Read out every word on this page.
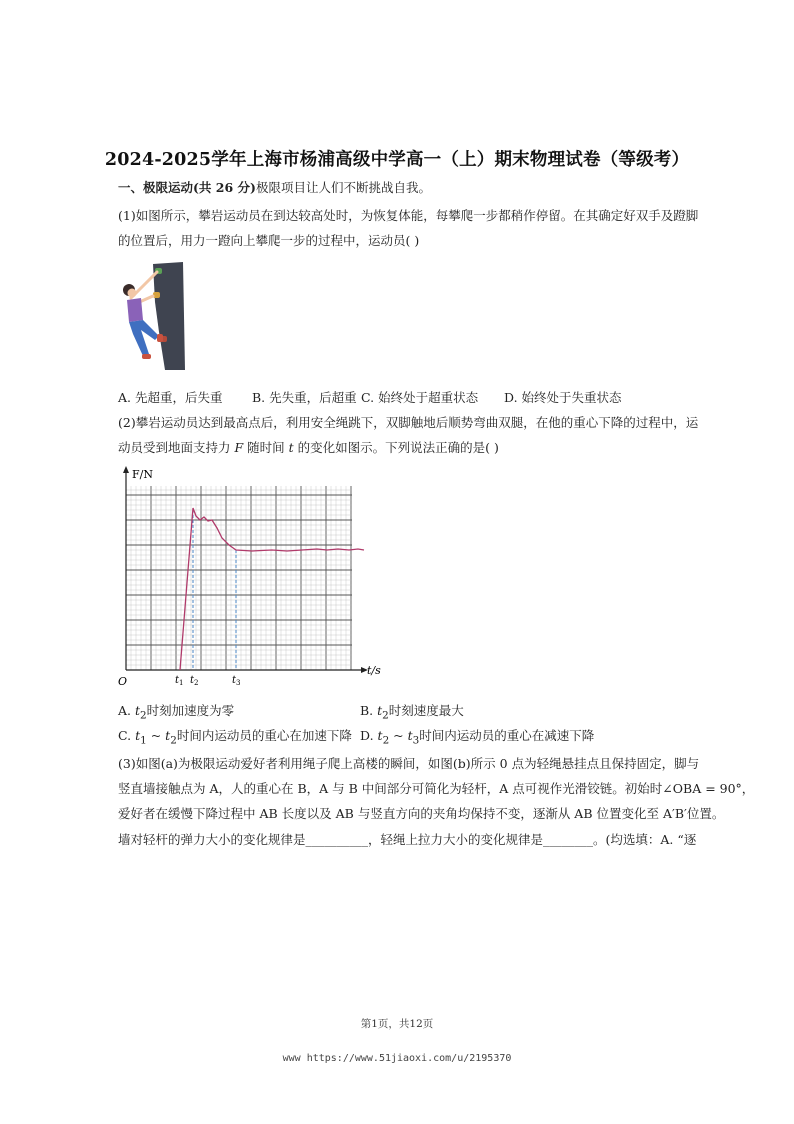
2024-2025学年上海市杨浦高级中学高一（上）期末物理试卷（等级考）
一、极限运动(共 26 分)极限项目让人们不断挑战自我。
(1)如图所示，攀岩运动员在到达较高处时，为恢复体能，每攀爬一步都稍作停留。在其确定好双手及蹬脚
的位置后，用力一蹬向上攀爬一步的过程中，运动员( )
A. 先超重，后失重 B. 先失重，后超重 C. 始终处于超重状态 D. 始终处于失重状态
(2)攀岩运动员达到最高点后，利用安全绳跳下，双脚触地后顺势弯曲双腿，在他的重心下降的过程中，运
动员受到地面支持力 F 随时间 t 的变化如图示。下列说法正确的是( )
F/N
t/s
O	$t_1$ $t_2$	$t_3$
A. $t_2$时刻加速度为零	B. $t_2$时刻速度最大
C. $t_1$ ~ $t_2$时间内运动员的重心在加速下降 D. $t_2$ ~ $t_3$时间内运动员的重心在减速下降
(3)如图(a)为极限运动爱好者利用绳子爬上高楼的瞬间，如图(b)所示 0 点为轻绳悬挂点且保持固定，脚与
竖直墙接触点为 A，人的重心在 B，A 与 B 中间部分可简化为轻杆，A 点可视作光滑铰链。初始时∠OBA = 90°，
爱好者在缓慢下降过程中 AB 长度以及 AB 与竖直方向的夹角均保持不变，逐渐从 AB 位置变化至 A′B′位置。
墙对轻杆的弹力大小的变化规律是__________，轻绳上拉力大小的变化规律是________。(均选填：A. “逐
第1页，共12页
www https://www.51jiaoxi.com/u/2195370
